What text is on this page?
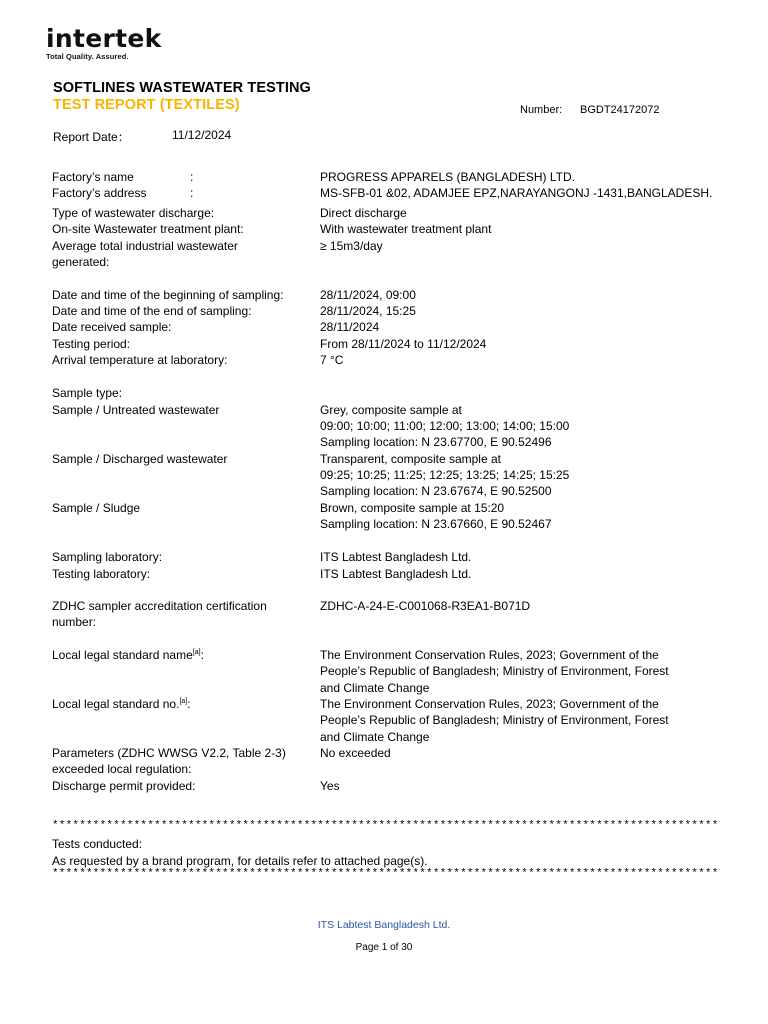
intertek
Total Quality. Assured.
SOFTLINES WASTEWATER TESTING
TEST REPORT (TEXTILES)	Number: BGDT24172072
Report Date：	11/12/2024
Factory’s name	:	PROGRESS APPARELS (BANGLADESH) LTD.
Factory’s address	:	MS-SFB-01 &02, ADAMJEE EPZ,NARAYANGONJ -1431,BANGLADESH.
Type of wastewater discharge:	Direct discharge
On-site Wastewater treatment plant:	With wastewater treatment plant
Average total industrial wastewater	≥ 15m3/day
generated:
Date and time of the beginning of sampling:	28/11/2024, 09:00
Date and time of the end of sampling:	28/11/2024, 15:25
Date received sample:	28/11/2024
Testing period:	From 28/11/2024 to 11/12/2024
Arrival temperature at laboratory:	7 °C
Sample type:
Sample / Untreated wastewater	Grey, composite sample at
09:00; 10:00; 11:00; 12:00; 13:00; 14:00; 15:00
Sampling location: N 23.67700, E 90.52496
Sample / Discharged wastewater	Transparent, composite sample at
09:25; 10:25; 11:25; 12:25; 13:25; 14:25; 15:25
Sampling location: N 23.67674, E 90.52500
Sample / Sludge	Brown, composite sample at 15:20
Sampling location: N 23.67660, E 90.52467
Sampling laboratory:	ITS Labtest Bangladesh Ltd.
Testing laboratory:	ITS Labtest Bangladesh Ltd.
ZDHC sampler accreditation certification	ZDHC-A-24-E-C001068-R3EA1-B071D
number:
Local legal standard name[a]:	The Environment Conservation Rules, 2023; Government of the
People’s Republic of Bangladesh; Ministry of Environment, Forest
and Climate Change
Local legal standard no.[a]:	The Environment Conservation Rules, 2023; Government of the
People’s Republic of Bangladesh; Ministry of Environment, Forest
and Climate Change
Parameters (ZDHC WWSG V2.2, Table 2-3)	No exceeded
exceeded local regulation:
Discharge permit provided:	Yes
**************************************************************************************************
Tests conducted:
As requested by a brand program, for details refer to attached page(s).
**************************************************************************************************
ITS Labtest Bangladesh Ltd.
Page 1 of 30
